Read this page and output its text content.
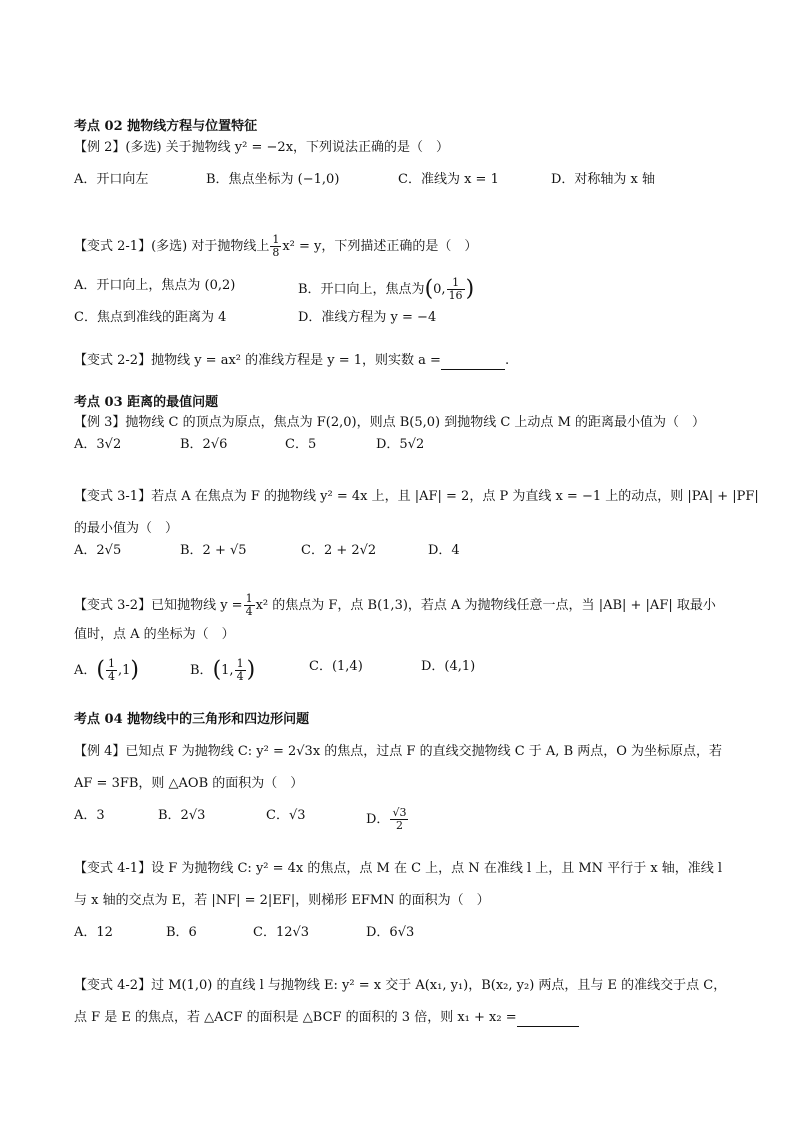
考点 02 抛物线方程与位置特征
【例 2】(多选) 关于抛物线 y² = −2x，下列说法正确的是（　）
A．开口向左	B．焦点坐标为 (−1,0)	C．准线为 x = 1	D．对称轴为 x 轴
【变式 2-1】(多选) 对于抛物线上 $\frac{1}{8} x^2 = y$，下列描述正确的是（　）
A．开口向上，焦点为 (0,2)	B．开口向上，焦点为(0, $\frac{1}{16}$ )
C．焦点到准线的距离为 4	D．准线方程为 y = −4
【变式 2-2】抛物线 y = ax² 的准线方程是 y = 1，则实数 a =	.
考点 03 距离的最值问题
【例 3】抛物线 C 的顶点为原点，焦点为 F(2,0)，则点 B(5,0) 到抛物线 C 上动点 M 的距离最小值为（　）
A．3√2	B．2√6	C．5	D．5√2
【变式 3-1】若点 A 在焦点为 F 的抛物线 y² = 4x 上，且 |AF| = 2，点 P 为直线 x = −1 上的动点，则 |PA| + |PF|
的最小值为（　）
A．2√5	B．2 + √5	C．2 + 2√2	D．4
【变式 3-2】已知抛物线 $y = \frac{1}{4} x^2$ 的焦点为 F，点 B(1,3)，若点 A 为抛物线任意一点，当 |AB| + |AF| 取最小
值时，点 A 的坐标为（　）
A．( $\frac{1}{4} ,1$)	B．(1, $\frac{1}{4}$ )	C．(1,4)	D．(4,1)
考点 04 抛物线中的三角形和四边形问题
【例 4】已知点 F 为抛物线 C: y² = 2√3x 的焦点，过点 F 的直线交抛物线 C 于 A, B 两点，O 为坐标原点，若
AF = 3FB，则 △AOB 的面积为（　）
A．3	B．2√3	C．√3	D． $\frac{√3}{2}$
【变式 4-1】设 F 为抛物线 C: y² = 4x 的焦点，点 M 在 C 上，点 N 在准线 l 上，且 MN 平行于 x 轴，准线 l
与 x 轴的交点为 E，若 |NF| = 2|EF|，则梯形 EFMN 的面积为（　）
A．12	B．6	C．12√3	D．6√3
【变式 4-2】过 M(1,0) 的直线 l 与抛物线 E: y² = x 交于 A(x₁, y₁)，B(x₂, y₂) 两点，且与 E 的准线交于点 C，
点 F 是 E 的焦点，若 △ACF 的面积是 △BCF 的面积的 3 倍，则 x₁ + x₂ =
